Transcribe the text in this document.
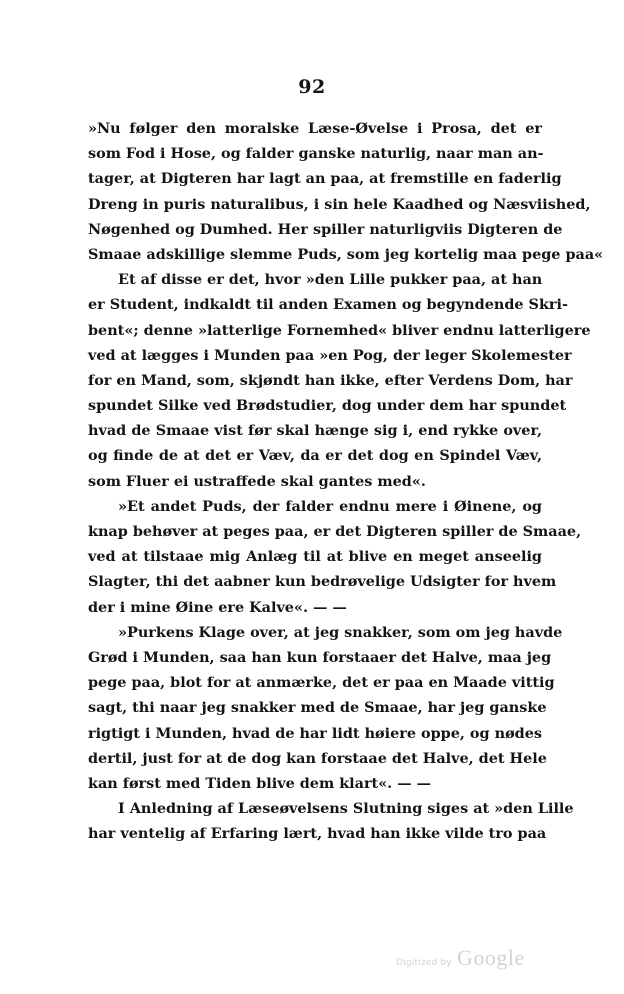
92
»Nu følger den moralske Læse-Øvelse i Prosa, det er
som Fod i Hose, og falder ganske naturlig, naar man an-
tager, at Digteren har lagt an paa, at fremstille en faderlig
Dreng in puris naturalibus, i sin hele Kaadhed og Næsviished,
Nøgenhed og Dumhed. Her spiller naturligviis Digteren de
Smaae adskillige slemme Puds, som jeg kortelig maa pege paa«
Et af disse er det, hvor »den Lille pukker paa, at han
er Student, indkaldt til anden Examen og begyndende Skri-
bent«; denne »latterlige Fornemhed« bliver endnu latterligere
ved at lægges i Munden paa »en Pog, der leger Skolemester
for en Mand, som, skjøndt han ikke, efter Verdens Dom, har
spundet Silke ved Brødstudier, dog under dem har spundet
hvad de Smaae vist før skal hænge sig i, end rykke over,
og finde de at det er Væv, da er det dog en Spindel Væv,
som Fluer ei ustraffede skal gantes med«.
»Et andet Puds, der falder endnu mere i Øinene, og
knap behøver at peges paa, er det Digteren spiller de Smaae,
ved at tilstaae mig Anlæg til at blive en meget anseelig
Slagter, thi det aabner kun bedrøvelige Udsigter for hvem
der i mine Øine ere Kalve«. — —
»Purkens Klage over, at jeg snakker, som om jeg havde
Grød i Munden, saa han kun forstaaer det Halve, maa jeg
pege paa, blot for at anmærke, det er paa en Maade vittig
sagt, thi naar jeg snakker med de Smaae, har jeg ganske
rigtigt i Munden, hvad de har lidt høiere oppe, og nødes
dertil, just for at de dog kan forstaae det Halve, det Hele
kan først med Tiden blive dem klart«. — —
I Anledning af Læseøvelsens Slutning siges at »den Lille
har ventelig af Erfaring lært, hvad han ikke vilde tro paa
Digitized by Google
